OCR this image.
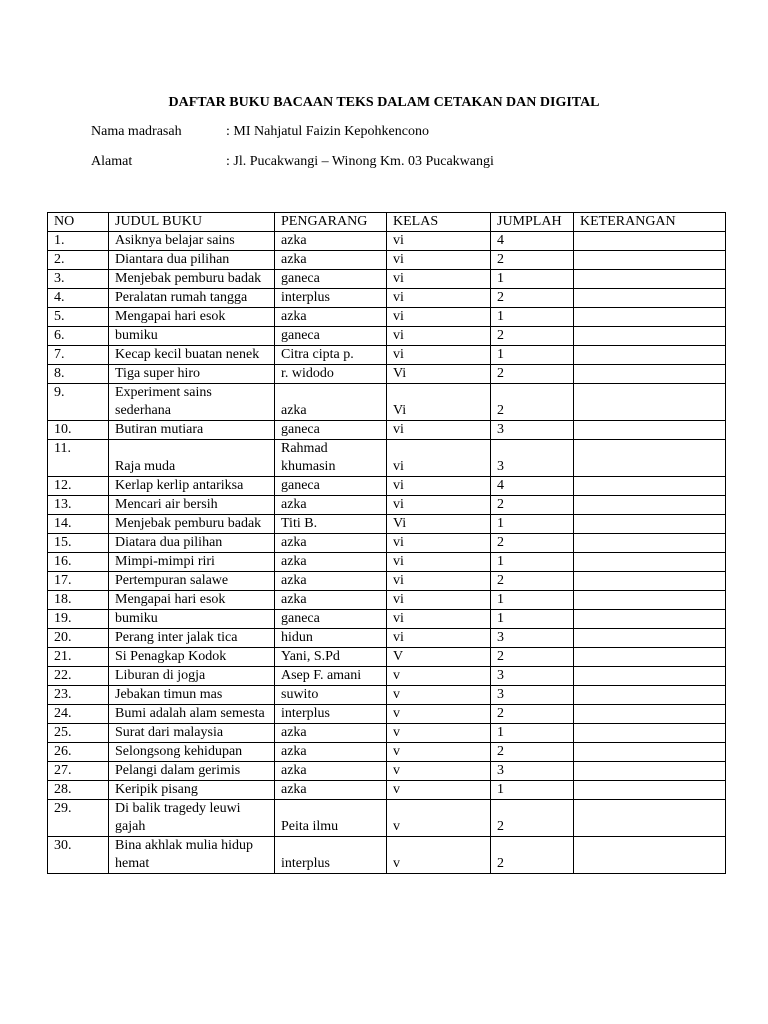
DAFTAR BUKU BACAAN TEKS DALAM CETAKAN DAN DIGITAL
Nama madrasah	: MI Nahjatul Faizin Kepohkencono
Alamat	: Jl. Pucakwangi – Winong Km. 03 Pucakwangi
NO	JUDUL BUKU	PENGARANG	KELAS	JUMPLAH	KETERANGAN
1.	Asiknya belajar sains	azka	vi	4	
2.	Diantara dua pilihan	azka	vi	2	
3.	Menjebak pemburu badak	ganeca	vi	1	
4.	Peralatan rumah tangga	interplus	vi	2	
5.	Mengapai hari esok	azka	vi	1	
6.	bumiku	ganeca	vi	2	
7.	Kecap kecil buatan nenek	Citra cipta p.	vi	1	
8.	Tiga super hiro	r. widodo	Vi	2	
9.	Experiment sains sederhana	azka	Vi	2	
10.	Butiran mutiara	ganeca	vi	3	
11.	Raja muda	Rahmad khumasin	vi	3	
12.	Kerlap kerlip antariksa	ganeca	vi	4	
13.	Mencari air bersih	azka	vi	2	
14.	Menjebak pemburu badak	Titi B.	Vi	1	
15.	Diatara dua pilihan	azka	vi	2	
16.	Mimpi-mimpi riri	azka	vi	1	
17.	Pertempuran salawe	azka	vi	2	
18.	Mengapai hari esok	azka	vi	1	
19.	bumiku	ganeca	vi	1	
20.	Perang inter jalak tica	hidun	vi	3	
21.	Si Penagkap Kodok	Yani, S.Pd	V	2	
22.	Liburan di jogja	Asep F. amani	v	3	
23.	Jebakan timun mas	suwito	v	3	
24.	Bumi adalah alam semesta	interplus	v	2	
25.	Surat dari malaysia	azka	v	1	
26.	Selongsong kehidupan	azka	v	2	
27.	Pelangi dalam gerimis	azka	v	3	
28.	Keripik pisang	azka	v	1	
29.	Di balik tragedy leuwi gajah	Peita ilmu	v	2	
30.	Bina akhlak mulia hidup hemat	interplus	v	2	
